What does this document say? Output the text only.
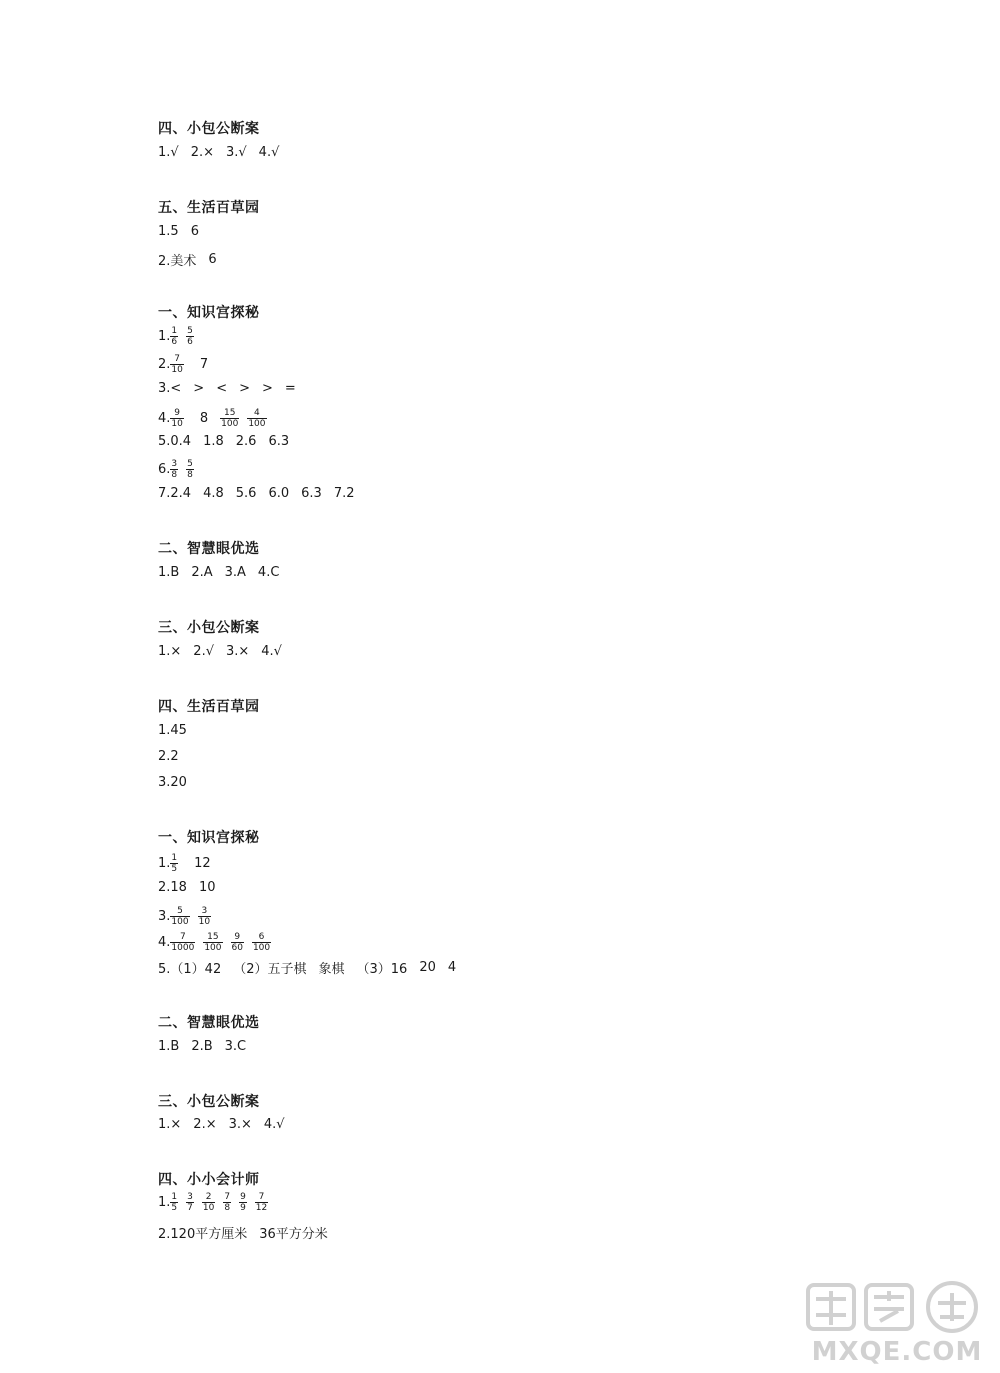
四、小包公断案
1.√ 2.× 3.√ 4.√
五、生活百草园
1.5 6
2.美术 6
一、知识宫探秘
1. $\frac{1}{6} \frac{5}{6}$
2. $\frac{7}{10} 7$
3.< > < > > =
4. $\frac{9}{10} 8 \frac{15}{100} \frac{4}{100}$
5.0.4 1.8 2.6 6.3
6. $\frac{3}{8} \frac{5}{8}$
7.2.4 4.8 5.6 6.0 6.3 7.2
二、智慧眼优选
1.B 2.A 3.A 4.C
三、小包公断案
1.× 2.√ 3.× 4.√
四、生活百草园
1.45
2.2
3.20
一、知识宫探秘
1. $\frac{1}{5} 12$
2.18 10
3. $\frac{5}{100} \frac{3}{10}$
4. $\frac{7}{1000} \frac{15}{100} \frac{9}{60} \frac{6}{100}$
5.（1）42 （2）五子棋 象棋 （3）16 20 4
二、智慧眼优选
1.B 2.B 3.C
三、小包公断案
1.× 2.× 3.× 4.√
四、小小会计师
1. $\frac{1}{5} \frac{3}{7} \frac{2}{10} \frac{7}{8} \frac{9}{9} \frac{7}{12}$
2.120平方厘米 36平方分米
MXQE.COM
